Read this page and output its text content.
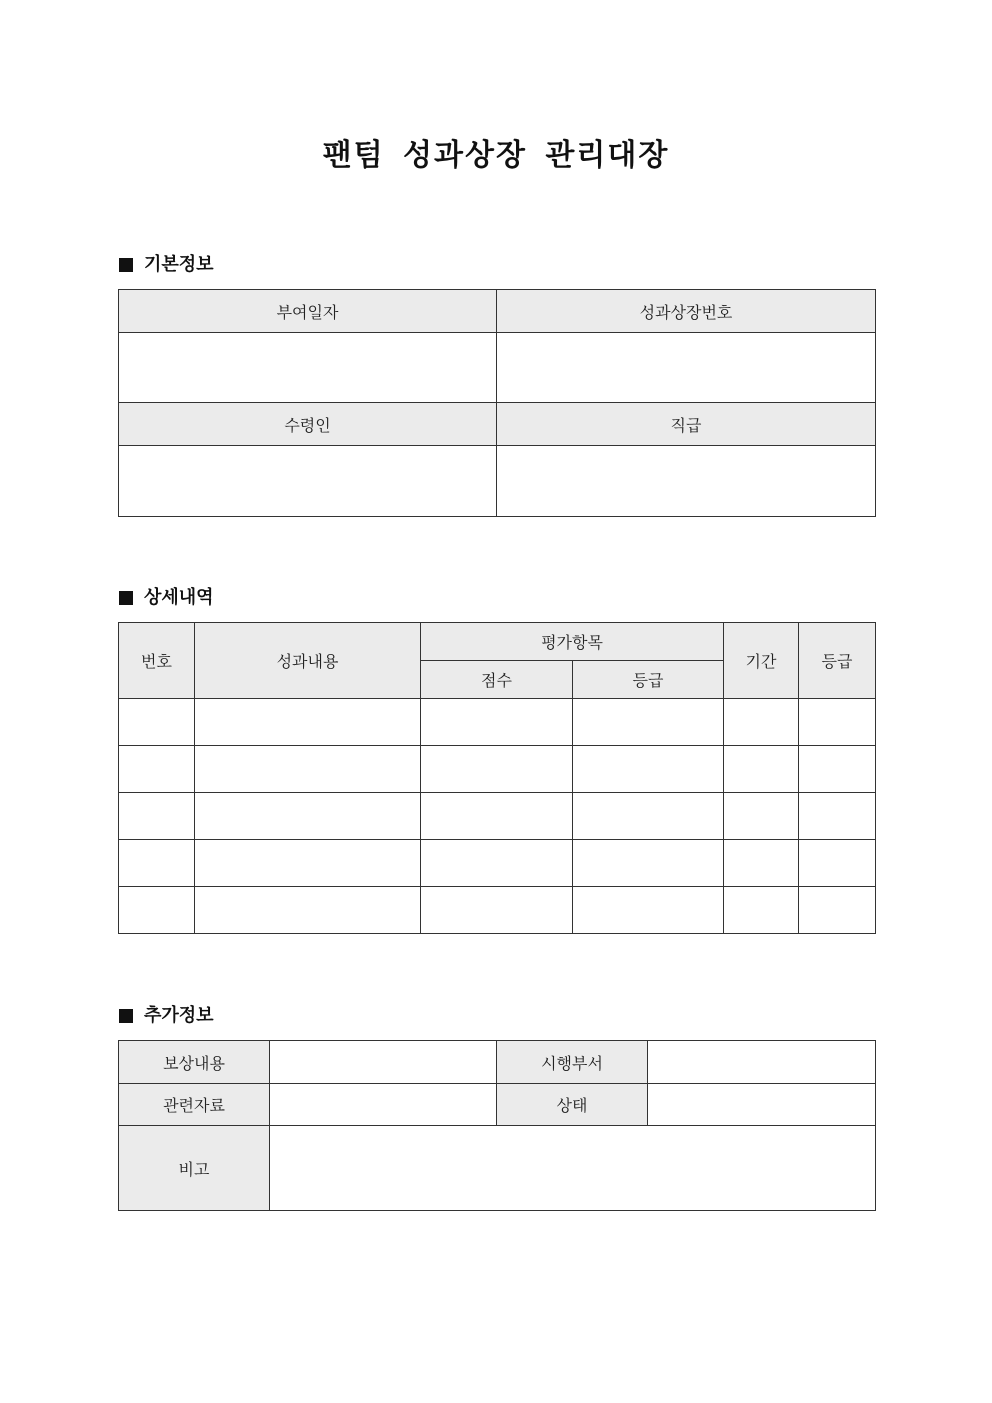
팬텀 성과상장 관리대장
기본정보
부여일자	성과상장번호

수령인	직급

상세내역
번호	성과내용	평가항목		기간	등급
		점수	등급		

추가정보
보상내용		시행부서	
관련자료		상태	
비고			
